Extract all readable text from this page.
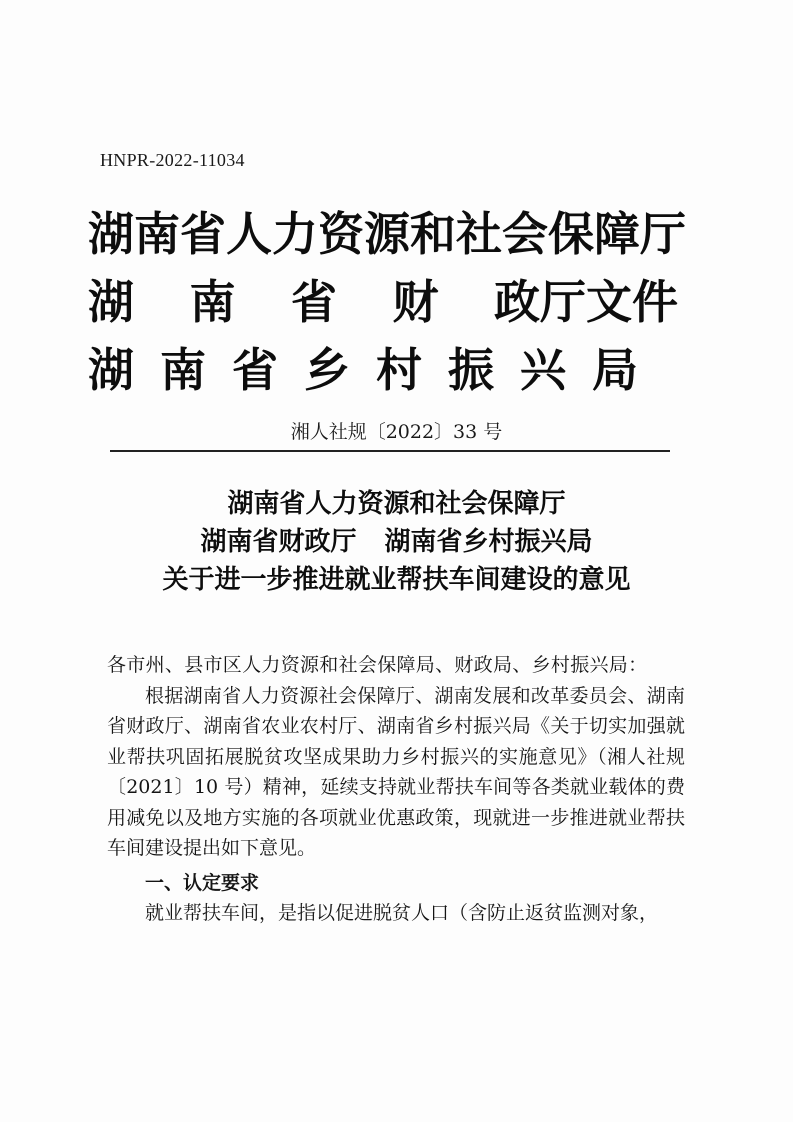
HNPR-2022-11034
湖南省人力资源和社会保障厅
湖 南 省 财 政 厅文件
湖南省乡村振兴局
湘人社规〔2022〕33 号
湖南省人力资源和社会保障厅
湖南省财政厅 湖南省乡村振兴局
关于进一步推进就业帮扶车间建设的意见

各市州、县市区人力资源和社会保障局、财政局、乡村振兴局：

根据湖南省人力资源社会保障厅、湖南发展和改革委员会、湖南省财政厅、湖南省农业农村厅、湖南省乡村振兴局《关于切实加强就业帮扶巩固拓展脱贫攻坚成果助力乡村振兴的实施意见》（湘人社规〔2021〕10 号）精神，延续支持就业帮扶车间等各类就业载体的费用减免以及地方实施的各项就业优惠政策，现就进一步推进就业帮扶车间建设提出如下意见。

一、认定要求

就业帮扶车间，是指以促进脱贫人口（含防止返贫监测对象，
